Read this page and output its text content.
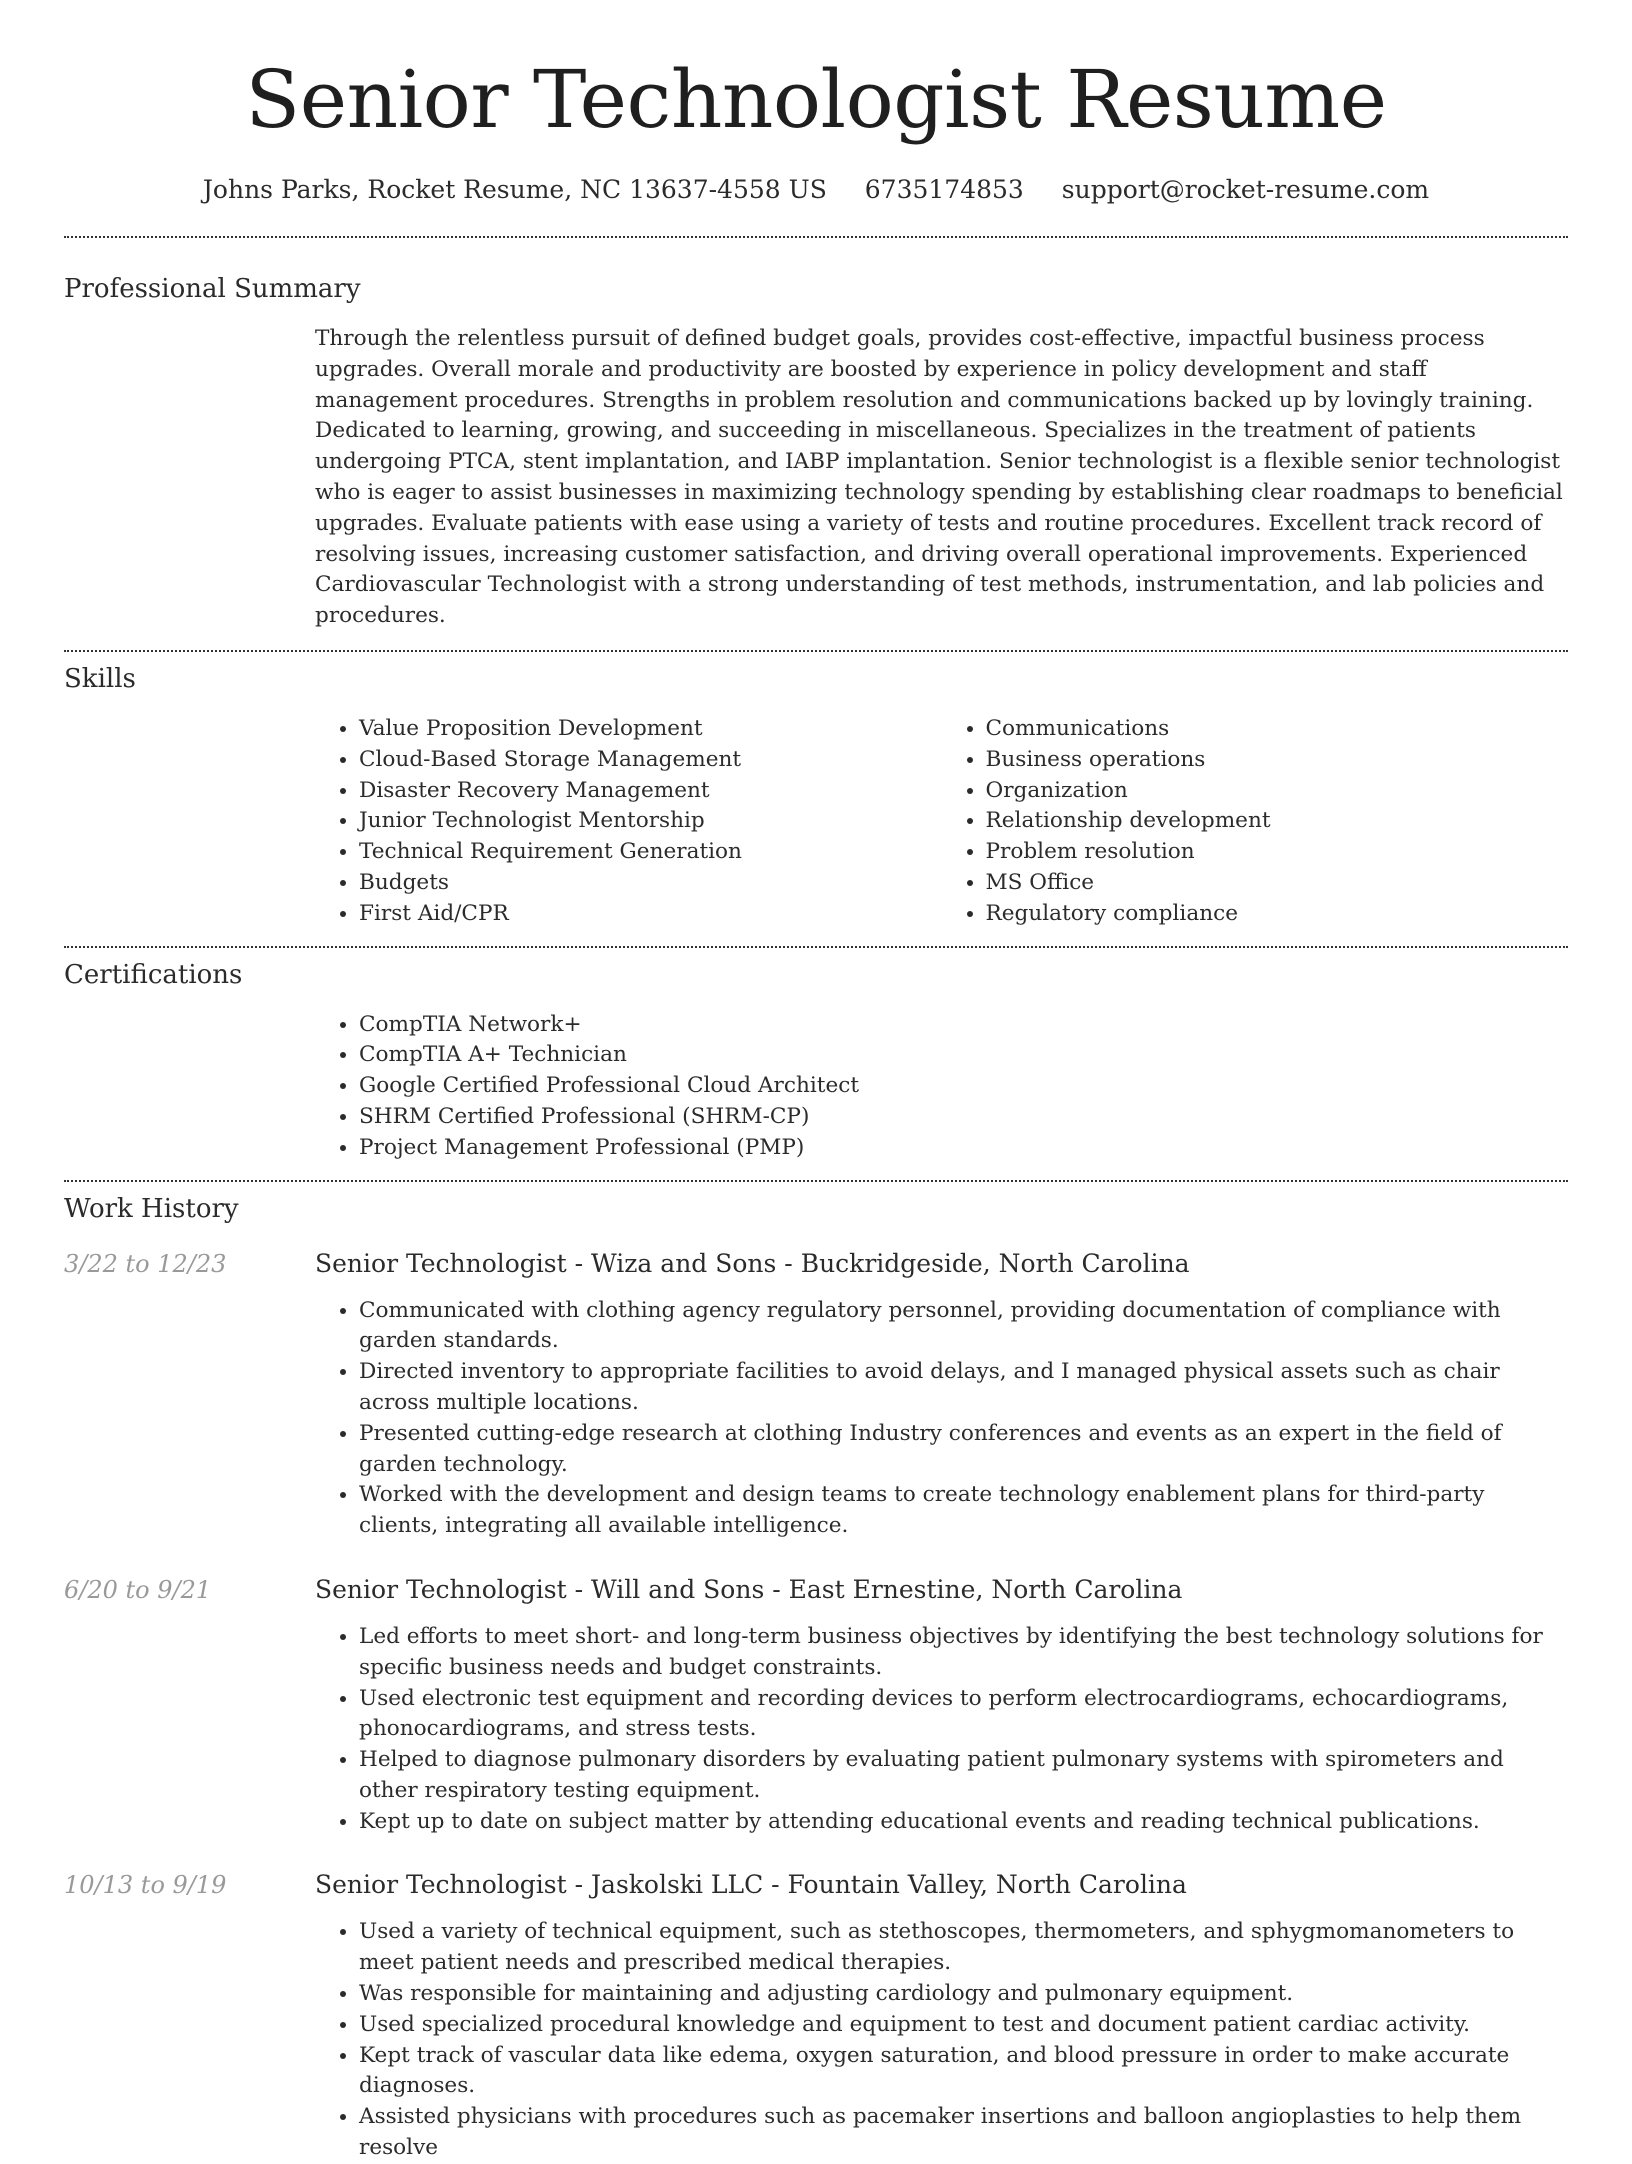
Senior Technologist Resume
Johns Parks, Rocket Resume, NC 13637-4558 US 6735174853 support@rocket-resume.com
Professional Summary

Through the relentless pursuit of defined budget goals, provides cost-effective, impactful business process upgrades. Overall morale and productivity are boosted by experience in policy development and staff management procedures. Strengths in problem resolution and communications backed up by lovingly training. Dedicated to learning, growing, and succeeding in miscellaneous. Specializes in the treatment of patients undergoing PTCA, stent implantation, and IABP implantation. Senior technologist is a flexible senior technologist who is eager to assist businesses in maximizing technology spending by establishing clear roadmaps to beneficial upgrades. Evaluate patients with ease using a variety of tests and routine procedures. Excellent track record of resolving issues, increasing customer satisfaction, and driving overall operational improvements. Experienced Cardiovascular Technologist with a strong understanding of test methods, instrumentation, and lab policies and procedures.

Skills
• Value Proposition Development
• Cloud-Based Storage Management
• Disaster Recovery Management
• Junior Technologist Mentorship
• Technical Requirement Generation
• Budgets
• First Aid/CPR
• Communications
• Business operations
• Organization
• Relationship development
• Problem resolution
• MS Office
• Regulatory compliance
Certifications
• CompTIA Network+
• CompTIA A+ Technician
• Google Certified Professional Cloud Architect
• SHRM Certified Professional (SHRM-CP)
• Project Management Professional (PMP)
Work History
3/22 to 12/23	Senior Technologist - Wiza and Sons - Buckridgeside, North Carolina
• Communicated with clothing agency regulatory personnel, providing documentation of compliance with garden standards.
• Directed inventory to appropriate facilities to avoid delays, and I managed physical assets such as chair across multiple locations.
• Presented cutting-edge research at clothing Industry conferences and events as an expert in the field of garden technology.
• Worked with the development and design teams to create technology enablement plans for third-party clients, integrating all available intelligence.
6/20 to 9/21	Senior Technologist - Will and Sons - East Ernestine, North Carolina
• Led efforts to meet short- and long-term business objectives by identifying the best technology solutions for specific business needs and budget constraints.
• Used electronic test equipment and recording devices to perform electrocardiograms, echocardiograms, phonocardiograms, and stress tests.
• Helped to diagnose pulmonary disorders by evaluating patient pulmonary systems with spirometers and other respiratory testing equipment.
• Kept up to date on subject matter by attending educational events and reading technical publications.
10/13 to 9/19	Senior Technologist - Jaskolski LLC - Fountain Valley, North Carolina
• Used a variety of technical equipment, such as stethoscopes, thermometers, and sphygmomanometers to meet patient needs and prescribed medical therapies.
• Was responsible for maintaining and adjusting cardiology and pulmonary equipment.
• Used specialized procedural knowledge and equipment to test and document patient cardiac activity.
• Kept track of vascular data like edema, oxygen saturation, and blood pressure in order to make accurate diagnoses.
• Assisted physicians with procedures such as pacemaker insertions and balloon angioplasties to help them resolve
